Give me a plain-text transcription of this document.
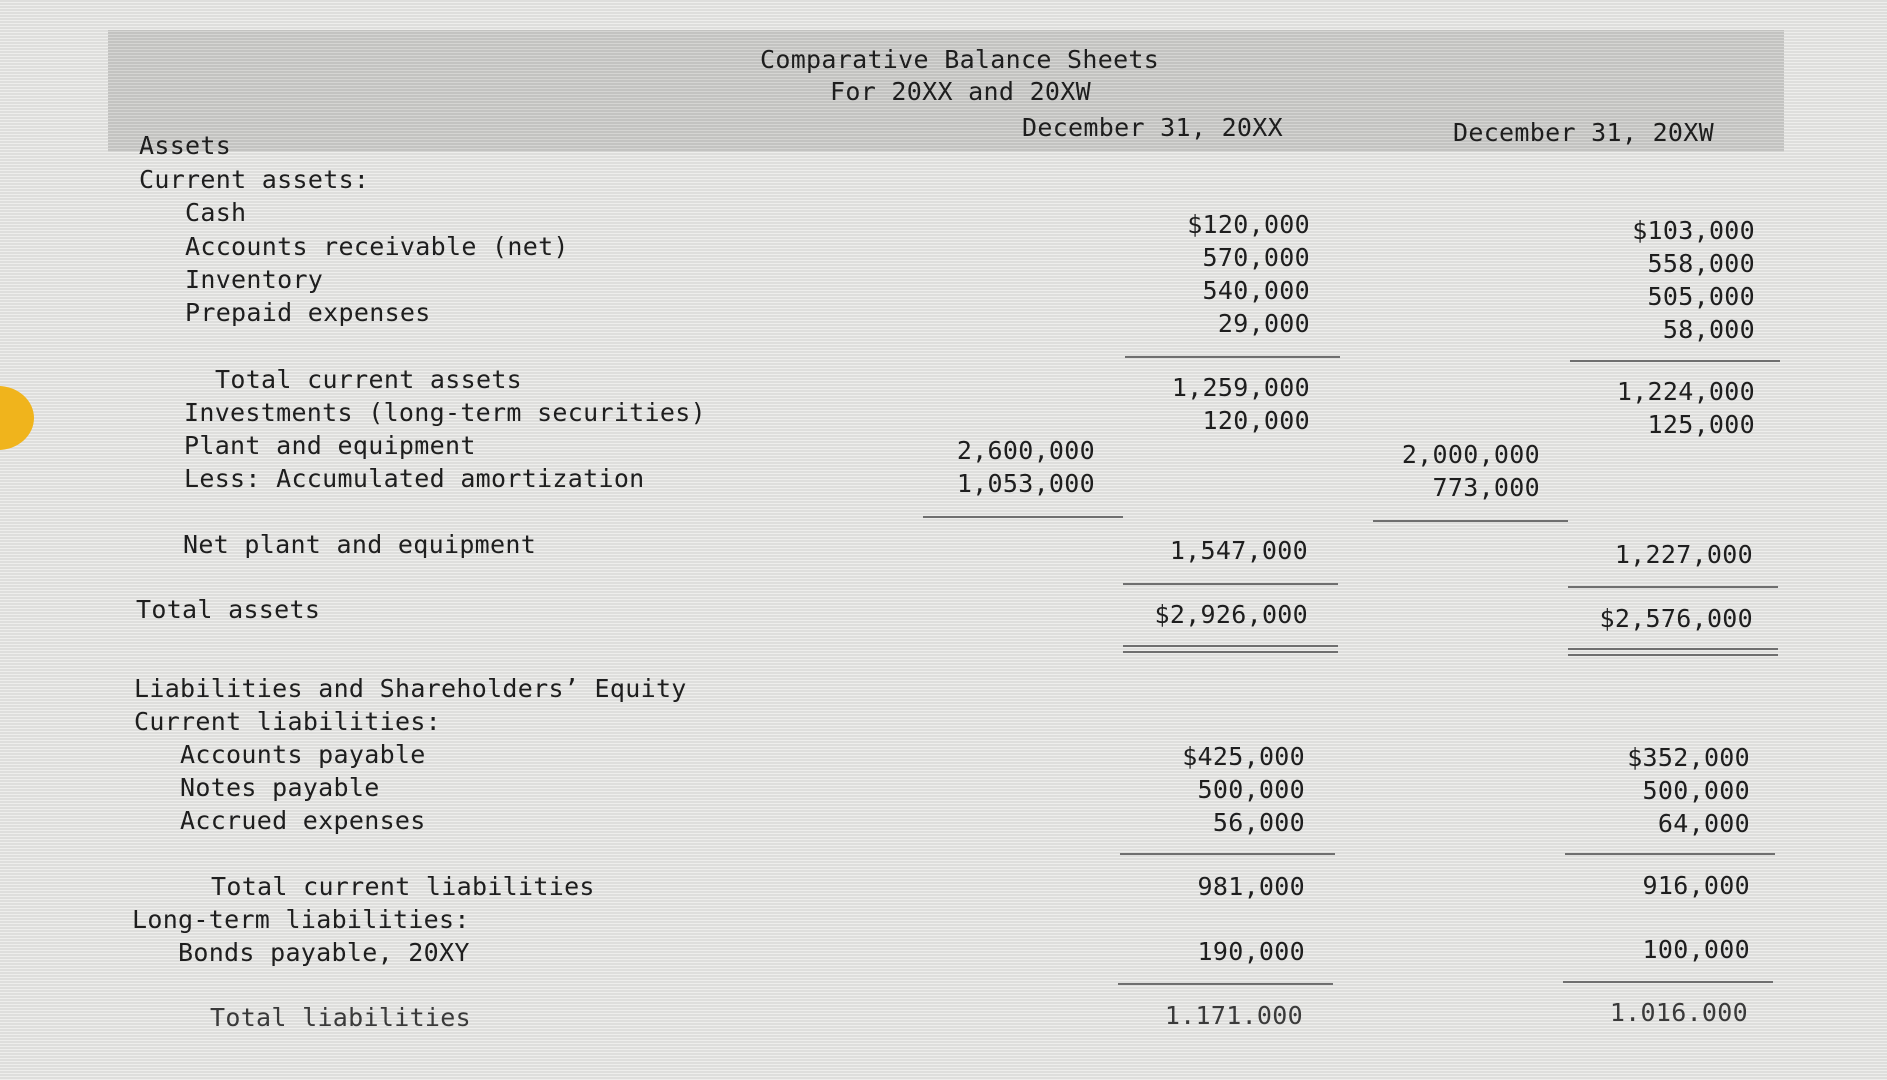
Comparative Balance Sheets
For 20XX and 20XW
December 31, 20XX	December 31, 20XW
Assets
Current assets:
Cash
Accounts receivable (net)
Inventory
Prepaid expenses
Total current assets
Investments (long-term securities)
Plant and equipment
Less: Accumulated amortization
Net plant and equipment
Total assets
$120,000
570,000
540,000
29,000
1,259,000
120,000
2,600,000
1,053,000
1,547,000
$2,926,000
$103,000
558,000
505,000
58,000
1,224,000
125,000
2,000,000
773,000
1,227,000
$2,576,000
Liabilities and Shareholders’ Equity
Current liabilities:
Accounts payable
Notes payable
Accrued expenses
Total current liabilities
Long-term liabilities:
Bonds payable, 20XY
Total liabilities
$425,000
500,000
56,000
981,000
190,000
1.171.000
$352,000
500,000
64,000
916,000
100,000
1.016.000
